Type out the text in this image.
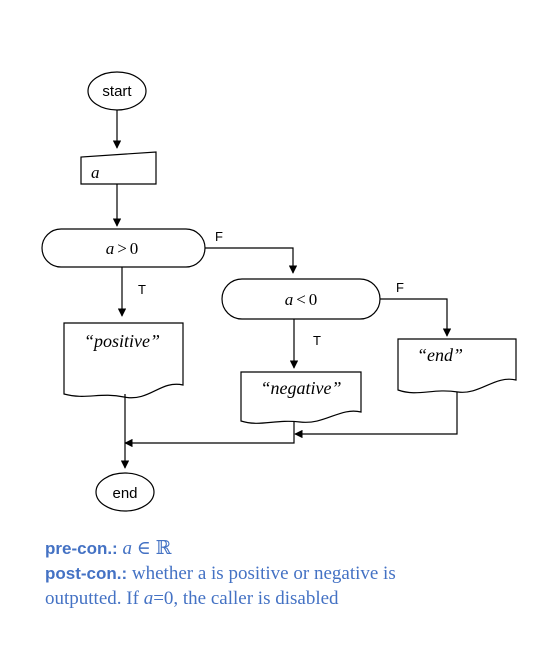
start
a
a > 0
F
T
a < 0
F
T
“positive”
“end”
“negative”
end
pre-con.: a ∈ ℝ
post-con.: whether a is positive or negative is
outputted. If a=0, the caller is disabled
